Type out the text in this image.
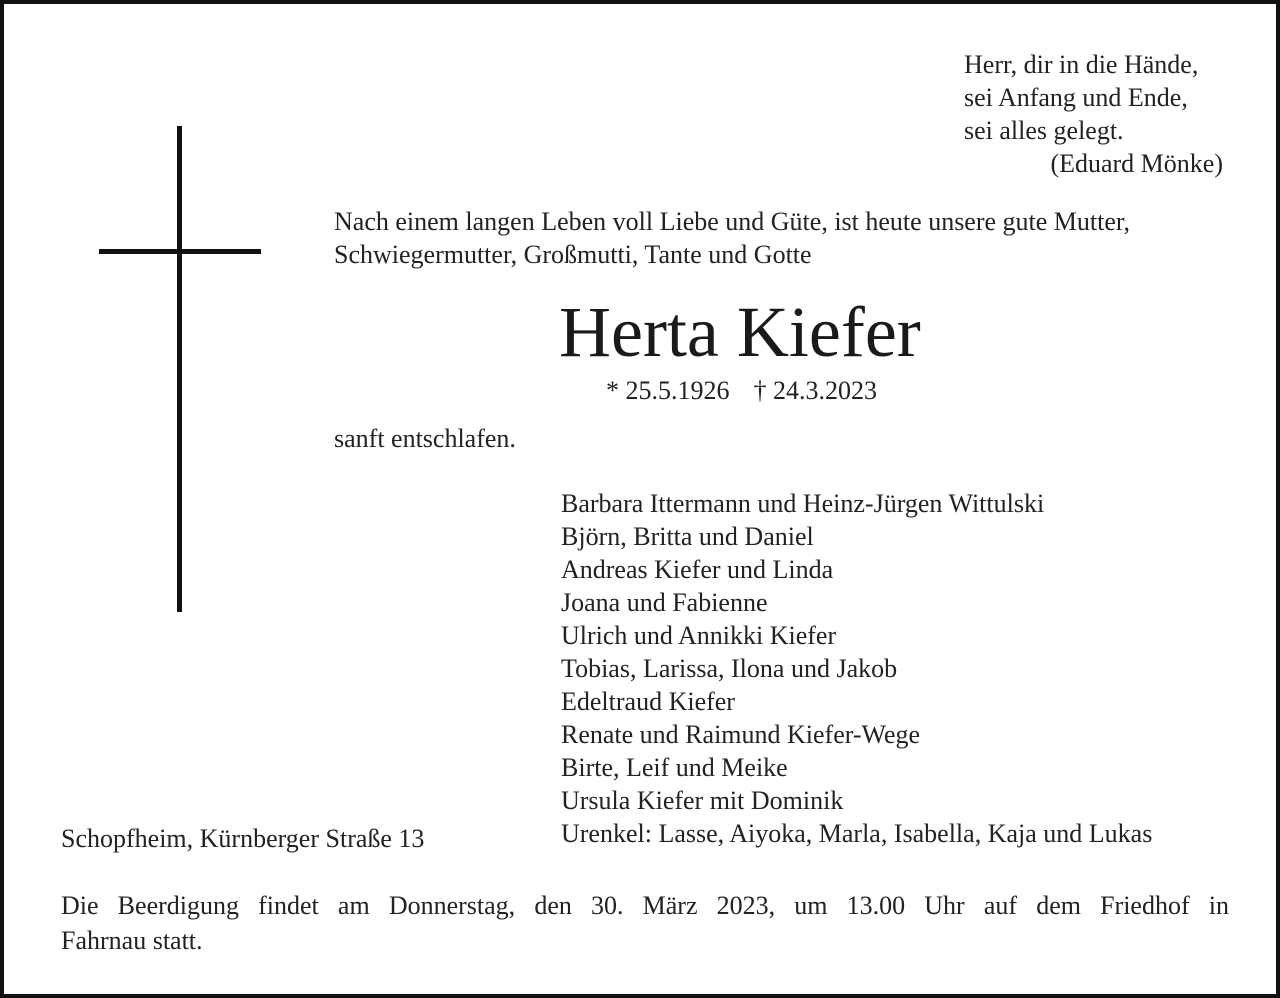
Herr, dir in die Hände,
sei Anfang und Ende,
sei alles gelegt.
(Eduard Mönke)
Nach einem langen Leben voll Liebe und Güte, ist heute unsere gute Mutter,
Schwiegermutter, Großmutti, Tante und Gotte
Herta Kiefer
* 25.5.1926 † 24.3.2023
sanft entschlafen.
Barbara Ittermann und Heinz-Jürgen Wittulski
Björn, Britta und Daniel
Andreas Kiefer und Linda
Joana und Fabienne
Ulrich und Annikki Kiefer
Tobias, Larissa, Ilona und Jakob
Edeltraud Kiefer
Renate und Raimund Kiefer-Wege
Birte, Leif und Meike
Ursula Kiefer mit Dominik
Urenkel: Lasse, Aiyoka, Marla, Isabella, Kaja und Lukas
Schopfheim, Kürnberger Straße 13
Die Beerdigung findet am Donnerstag, den 30. März 2023, um 13.00 Uhr auf dem Friedhof in
Fahrnau statt.
